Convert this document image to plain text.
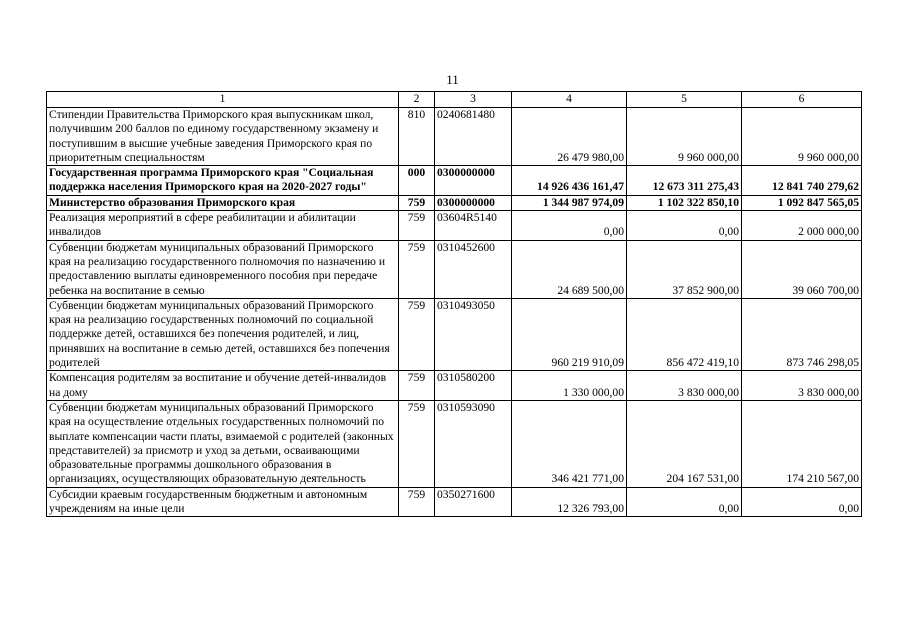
11
1	2	3	4	5	6
Стипендии Правительства Приморского края выпускникам школ, получившим 200 баллов по единому государственному экзамену и поступившим в высшие учебные заведения Приморского края по приоритетным специальностям	810	0240681480	26 479 980,00	9 960 000,00	9 960 000,00
Государственная программа Приморского края "Социальная поддержка населения Приморского края на 2020-2027 годы"	000	0300000000	14 926 436 161,47	12 673 311 275,43	12 841 740 279,62
Министерство образования Приморского края	759	0300000000	1 344 987 974,09	1 102 322 850,10	1 092 847 565,05
Реализация мероприятий в сфере реабилитации и абилитации инвалидов	759	03604R5140	0,00	0,00	2 000 000,00
Субвенции бюджетам муниципальных образований Приморского края на реализацию государственного полномочия по назначению и предоставлению выплаты единовременного пособия при передаче ребенка на воспитание в семью	759	0310452600	24 689 500,00	37 852 900,00	39 060 700,00
Субвенции бюджетам муниципальных образований Приморского края на реализацию государственных полномочий по социальной поддержке детей, оставшихся без попечения родителей, и лиц, принявших на воспитание в семью детей, оставшихся без попечения родителей	759	0310493050	960 219 910,09	856 472 419,10	873 746 298,05
Компенсация родителям за воспитание и обучение детей-инвалидов на дому	759	0310580200	1 330 000,00	3 830 000,00	3 830 000,00
Субвенции бюджетам муниципальных образований Приморского края на осуществление отдельных государственных полномочий по выплате компенсации части платы, взимаемой с родителей (законных представителей) за присмотр и уход за детьми, осваивающими образовательные программы дошкольного образования в организациях, осуществляющих образовательную деятельность	759	0310593090	346 421 771,00	204 167 531,00	174 210 567,00
Субсидии краевым государственным бюджетным и автономным учреждениям на иные цели	759	0350271600	12 326 793,00	0,00	0,00
